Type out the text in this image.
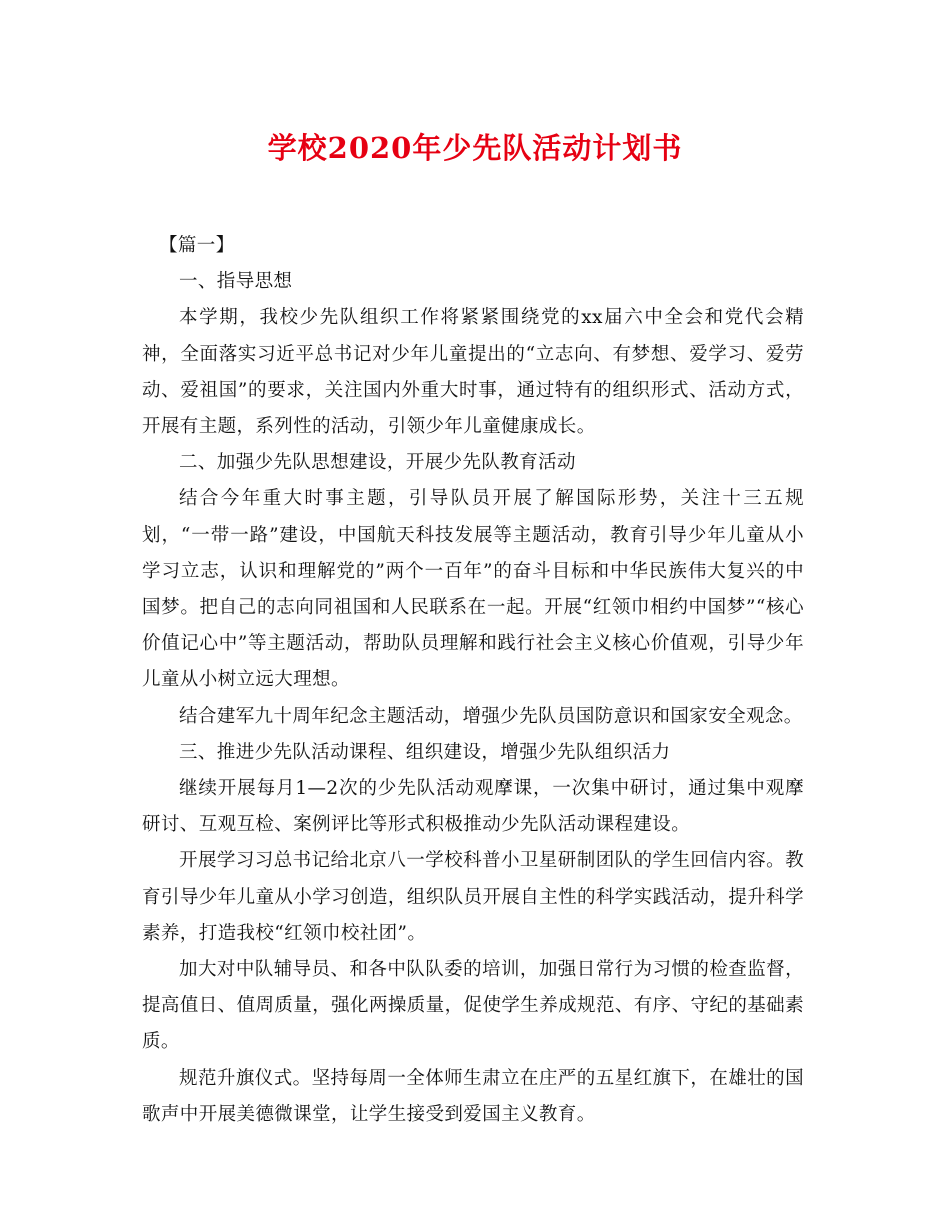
学校2020年少先队活动计划书

【篇一】

一、指导思想

本学期，我校少先队组织工作将紧紧围绕党的xx届六中全会和党代会精神，全面落实习近平总书记对少年儿童提出的“立志向、有梦想、爱学习、爱劳动、爱祖国”的要求，关注国内外重大时事，通过特有的组织形式、活动方式，开展有主题，系列性的活动，引领少年儿童健康成长。

二、加强少先队思想建设，开展少先队教育活动

结合今年重大时事主题，引导队员开展了解国际形势，关注十三五规划，“一带一路”建设，中国航天科技发展等主题活动，教育引导少年儿童从小学习立志，认识和理解党的”两个一百年”的奋斗目标和中华民族伟大复兴的中国梦。把自己的志向同祖国和人民联系在一起。开展“红领巾相约中国梦”“核心价值记心中”等主题活动，帮助队员理解和践行社会主义核心价值观，引导少年儿童从小树立远大理想。

结合建军九十周年纪念主题活动，增强少先队员国防意识和国家安全观念。

三、推进少先队活动课程、组织建设，增强少先队组织活力

继续开展每月1—2次的少先队活动观摩课，一次集中研讨，通过集中观摩研讨、互观互检、案例评比等形式积极推动少先队活动课程建设。

开展学习习总书记给北京八一学校科普小卫星研制团队的学生回信内容。教育引导少年儿童从小学习创造，组织队员开展自主性的科学实践活动，提升科学素养，打造我校“红领巾校社团”。

加大对中队辅导员、和各中队队委的培训，加强日常行为习惯的检查监督，提高值日、值周质量，强化两操质量，促使学生养成规范、有序、守纪的基础素质。

规范升旗仪式。坚持每周一全体师生肃立在庄严的五星红旗下，在雄壮的国歌声中开展美德微课堂，让学生接受到爱国主义教育。
